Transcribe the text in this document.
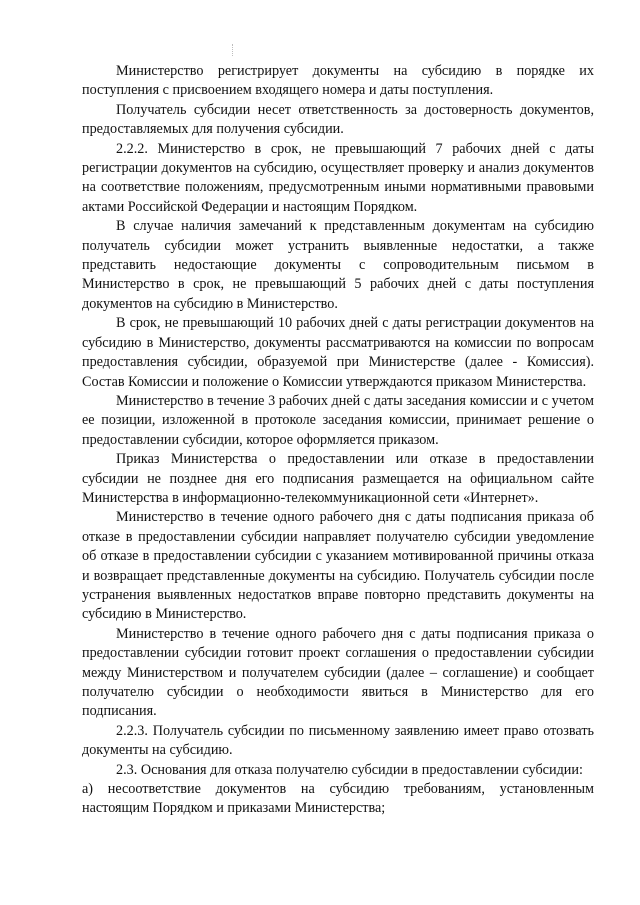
Министерство регистрирует документы на субсидию в порядке их поступления с присвоением входящего номера и даты поступления.

Получатель субсидии несет ответственность за достоверность документов, предоставляемых для получения субсидии.

2.2.2. Министерство в срок, не превышающий 7 рабочих дней с даты регистрации документов на субсидию, осуществляет проверку и анализ документов на соответствие положениям, предусмотренным иными нормативными правовыми актами Российской Федерации и настоящим Порядком.

В случае наличия замечаний к представленным документам на субсидию получатель субсидии может устранить выявленные недостатки, а также представить недостающие документы с сопроводительным письмом в Министерство в срок, не превышающий 5 рабочих дней с даты поступления документов на субсидию в Министерство.

В срок, не превышающий 10 рабочих дней с даты регистрации документов на субсидию в Министерство, документы рассматриваются на комиссии по вопросам предоставления субсидии, образуемой при Министерстве (далее - Комиссия). Состав Комиссии и положение о Комиссии утверждаются приказом Министерства.

Министерство в течение 3 рабочих дней с даты заседания комиссии и с учетом ее позиции, изложенной в протоколе заседания комиссии, принимает решение о предоставлении субсидии, которое оформляется приказом.

Приказ Министерства о предоставлении или отказе в предоставлении субсидии не позднее дня его подписания размещается на официальном сайте Министерства в информационно-телекоммуникационной сети «Интернет».

Министерство в течение одного рабочего дня с даты подписания приказа об отказе в предоставлении субсидии направляет получателю субсидии уведомление об отказе в предоставлении субсидии с указанием мотивированной причины отказа и возвращает представленные документы на субсидию. Получатель субсидии после устранения выявленных недостатков вправе повторно представить документы на субсидию в Министерство.

Министерство в течение одного рабочего дня с даты подписания приказа о предоставлении субсидии готовит проект соглашения о предоставлении субсидии между Министерством и получателем субсидии (далее – соглашение) и сообщает получателю субсидии о необходимости явиться в Министерство для его подписания.

2.2.3. Получатель субсидии по письменному заявлению имеет право отозвать документы на субсидию.

2.3. Основания для отказа получателю субсидии в предоставлении субсидии:

а) несоответствие документов на субсидию требованиям, установленным настоящим Порядком и приказами Министерства;
